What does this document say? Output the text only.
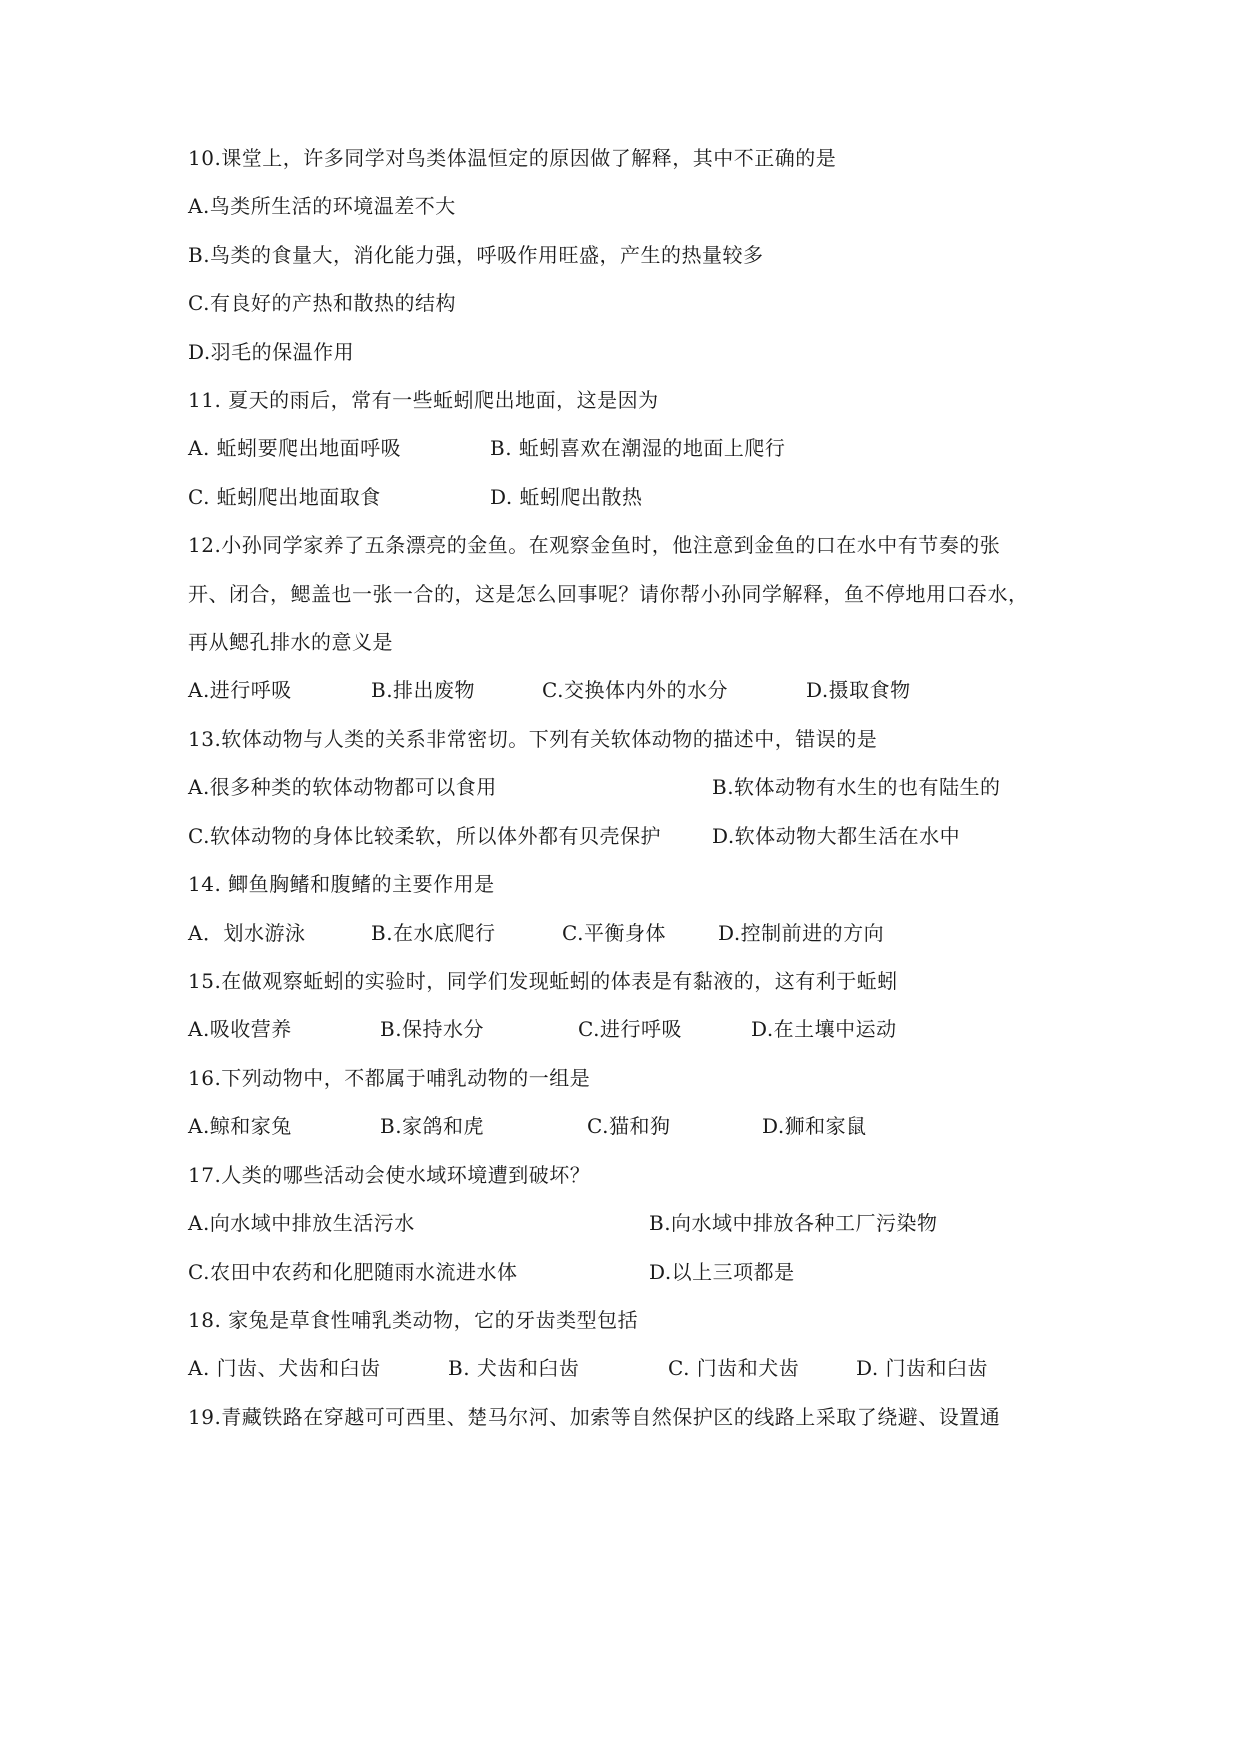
10.课堂上，许多同学对鸟类体温恒定的原因做了解释，其中不正确的是
A.鸟类所生活的环境温差不大
B.鸟类的食量大，消化能力强，呼吸作用旺盛，产生的热量较多
C.有良好的产热和散热的结构
D.羽毛的保温作用
11. 夏天的雨后，常有一些蚯蚓爬出地面，这是因为
A. 蚯蚓要爬出地面呼吸	B. 蚯蚓喜欢在潮湿的地面上爬行
C. 蚯蚓爬出地面取食	D. 蚯蚓爬出散热
12.小孙同学家养了五条漂亮的金鱼。在观察金鱼时，他注意到金鱼的口在水中有节奏的张
开、闭合，鳃盖也一张一合的，这是怎么回事呢？请你帮小孙同学解释，鱼不停地用口吞水，
再从鳃孔排水的意义是
A.进行呼吸	B.排出废物	C.交换体内外的水分	D.摄取食物
13.软体动物与人类的关系非常密切。下列有关软体动物的描述中，错误的是
A.很多种类的软体动物都可以食用	B.软体动物有水生的也有陆生的
C.软体动物的身体比较柔软，所以体外都有贝壳保护	D.软体动物大都生活在水中
14. 鲫鱼胸鳍和腹鳍的主要作用是
A．划水游泳	B.在水底爬行	C.平衡身体	D.控制前进的方向
15.在做观察蚯蚓的实验时，同学们发现蚯蚓的体表是有黏液的，这有利于蚯蚓
A.吸收营养	B.保持水分	C.进行呼吸	D.在土壤中运动
16.下列动物中，不都属于哺乳动物的一组是
A.鲸和家兔	B.家鸽和虎	C.猫和狗	D.狮和家鼠
17.人类的哪些活动会使水域环境遭到破坏？
A.向水域中排放生活污水	B.向水域中排放各种工厂污染物
C.农田中农药和化肥随雨水流进水体	D.以上三项都是
18. 家兔是草食性哺乳类动物，它的牙齿类型包括
A. 门齿、犬齿和臼齿	B. 犬齿和臼齿	C. 门齿和犬齿	D. 门齿和臼齿
19.青藏铁路在穿越可可西里、楚马尔河、加索等自然保护区的线路上采取了绕避、设置通
